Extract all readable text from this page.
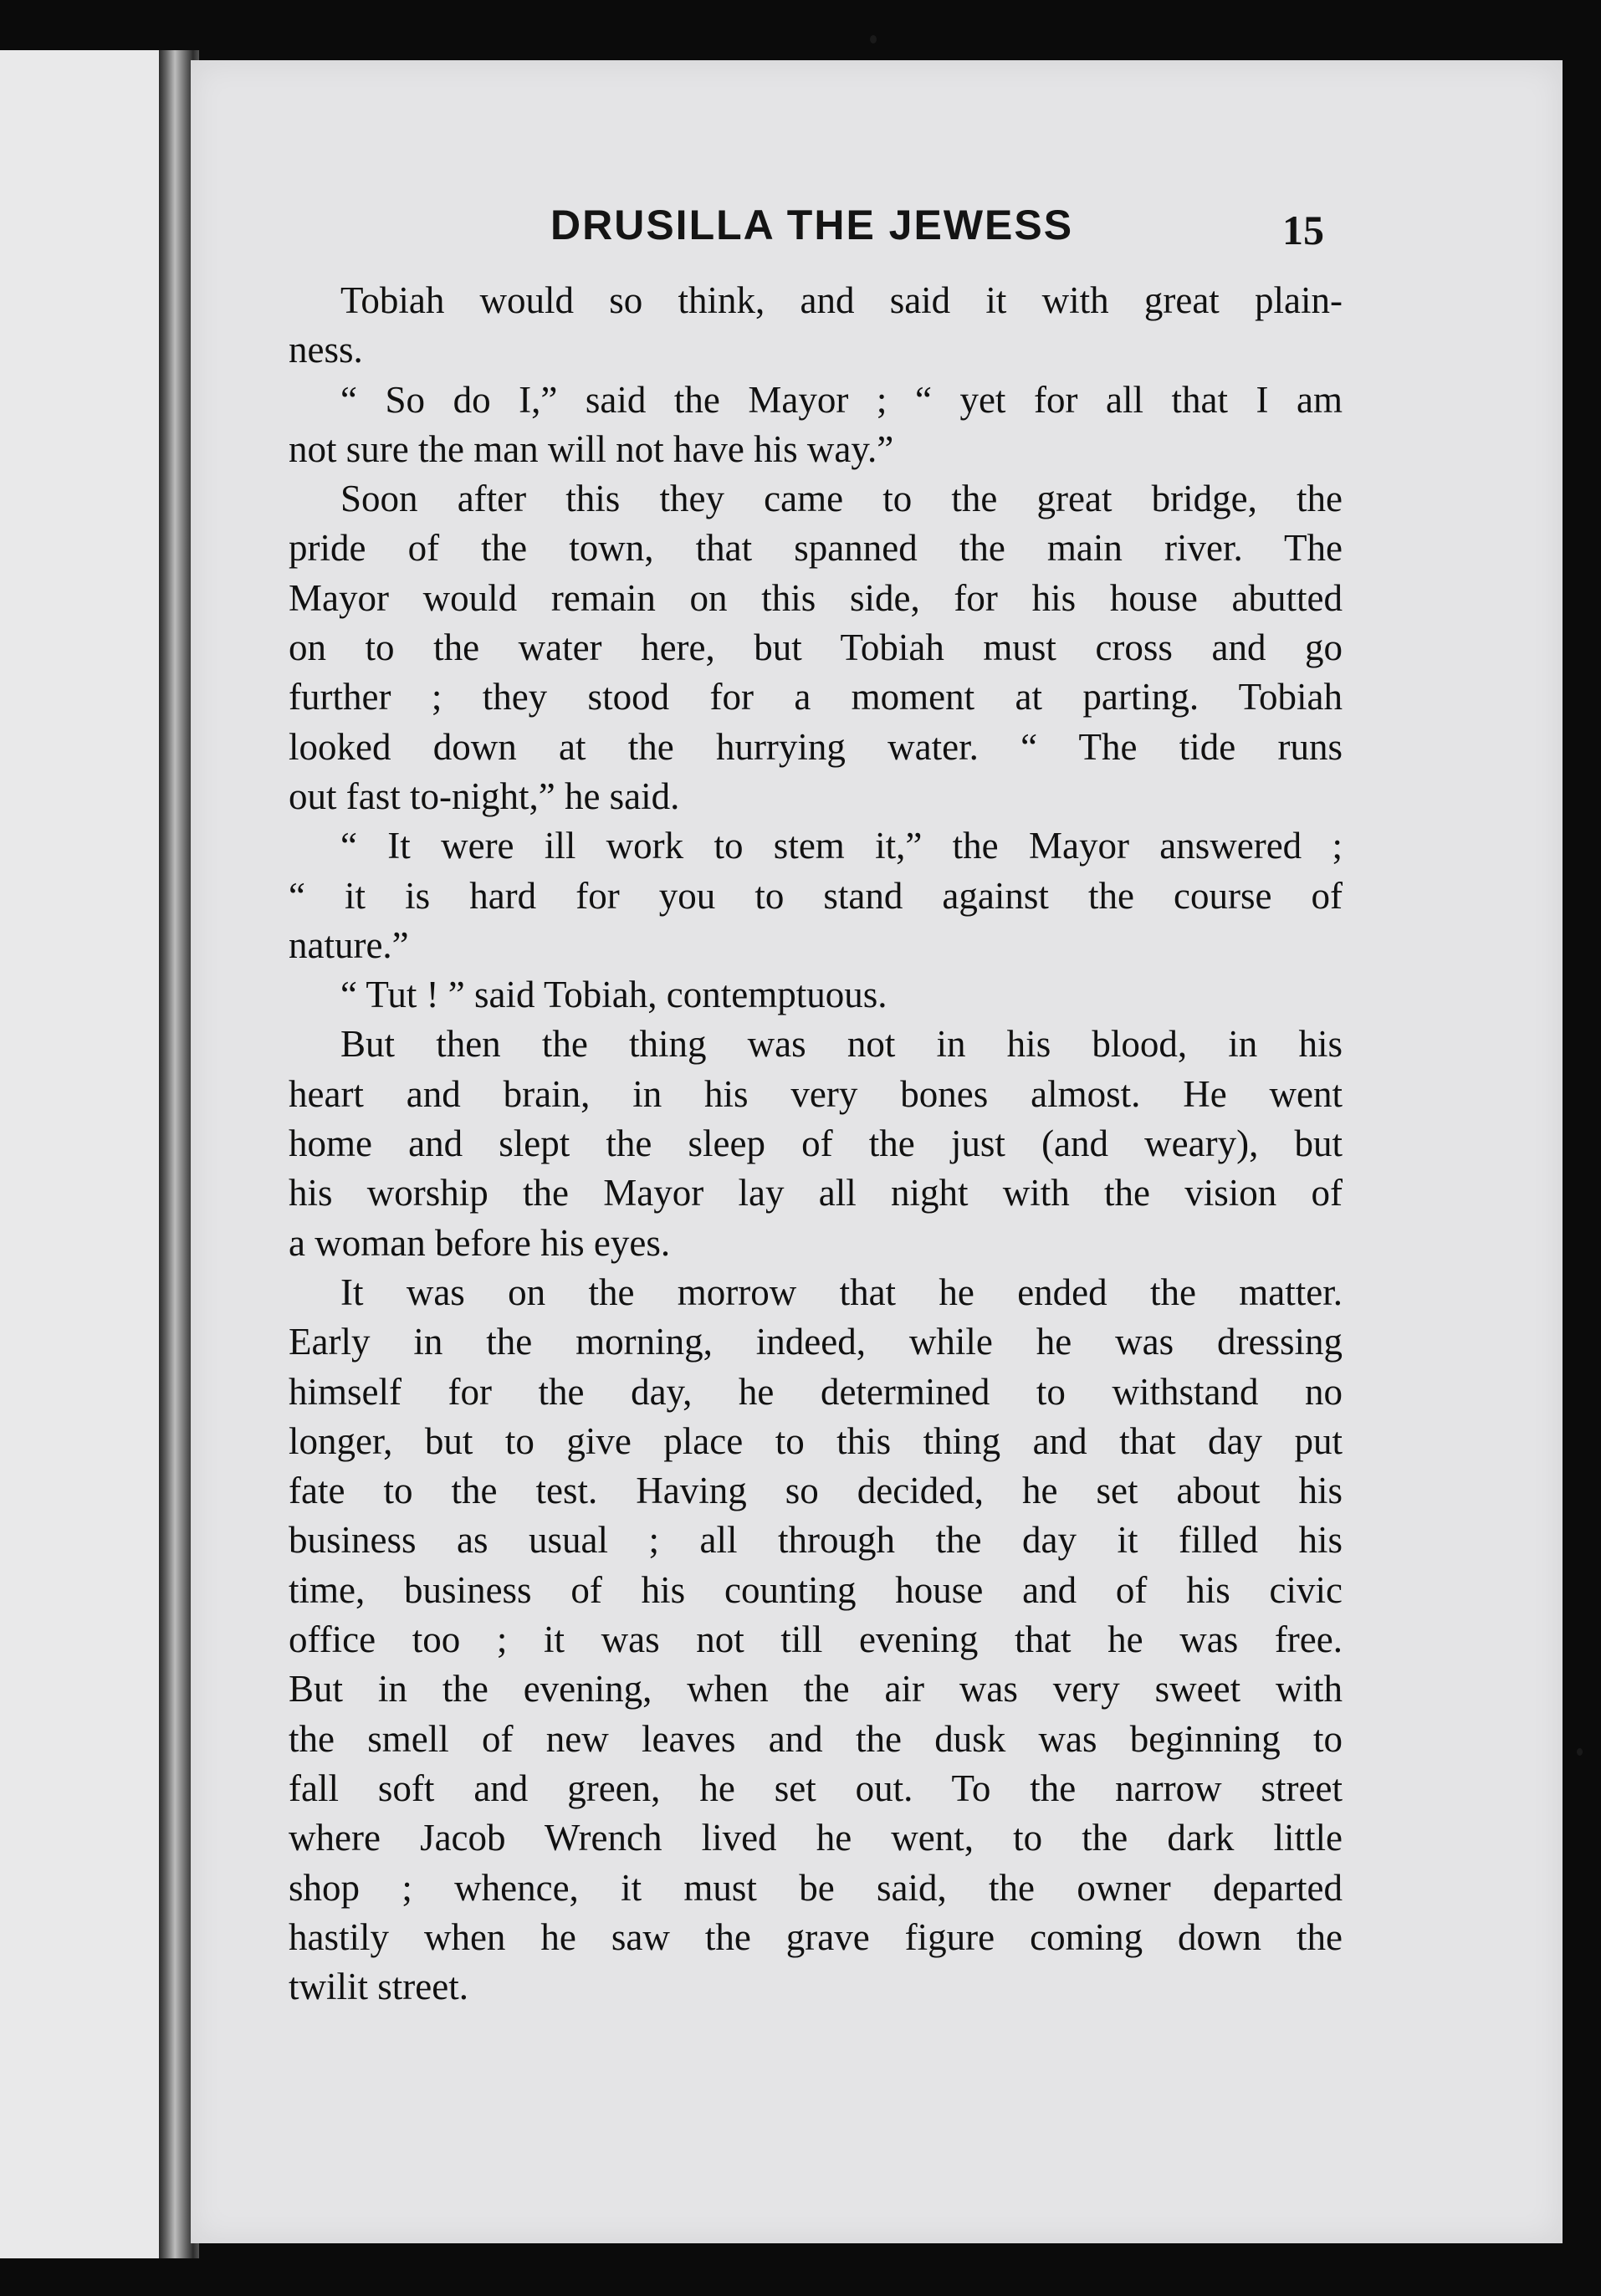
DRUSILLA THE JEWESS	15
Tobiah would so think, and said it with great plain-
ness.
“ So do I,” said the Mayor ; “ yet for all that I am
not sure the man will not have his way.”
Soon after this they came to the great bridge, the
pride of the town, that spanned the main river. The
Mayor would remain on this side, for his house abutted
on to the water here, but Tobiah must cross and go
further ; they stood for a moment at parting. Tobiah
looked down at the hurrying water. “ The tide runs
out fast to-night,” he said.
“ It were ill work to stem it,” the Mayor answered ;
“ it is hard for you to stand against the course of
nature.”
“ Tut ! ” said Tobiah, contemptuous.
But then the thing was not in his blood, in his
heart and brain, in his very bones almost. He went
home and slept the sleep of the just (and weary), but
his worship the Mayor lay all night with the vision of
a woman before his eyes.
It was on the morrow that he ended the matter.
Early in the morning, indeed, while he was dressing
himself for the day, he determined to withstand no
longer, but to give place to this thing and that day put
fate to the test. Having so decided, he set about his
business as usual ; all through the day it filled his
time, business of his counting house and of his civic
office too ; it was not till evening that he was free.
But in the evening, when the air was very sweet with
the smell of new leaves and the dusk was beginning to
fall soft and green, he set out. To the narrow street
where Jacob Wrench lived he went, to the dark little
shop ; whence, it must be said, the owner departed
hastily when he saw the grave figure coming down the
twilit street.
